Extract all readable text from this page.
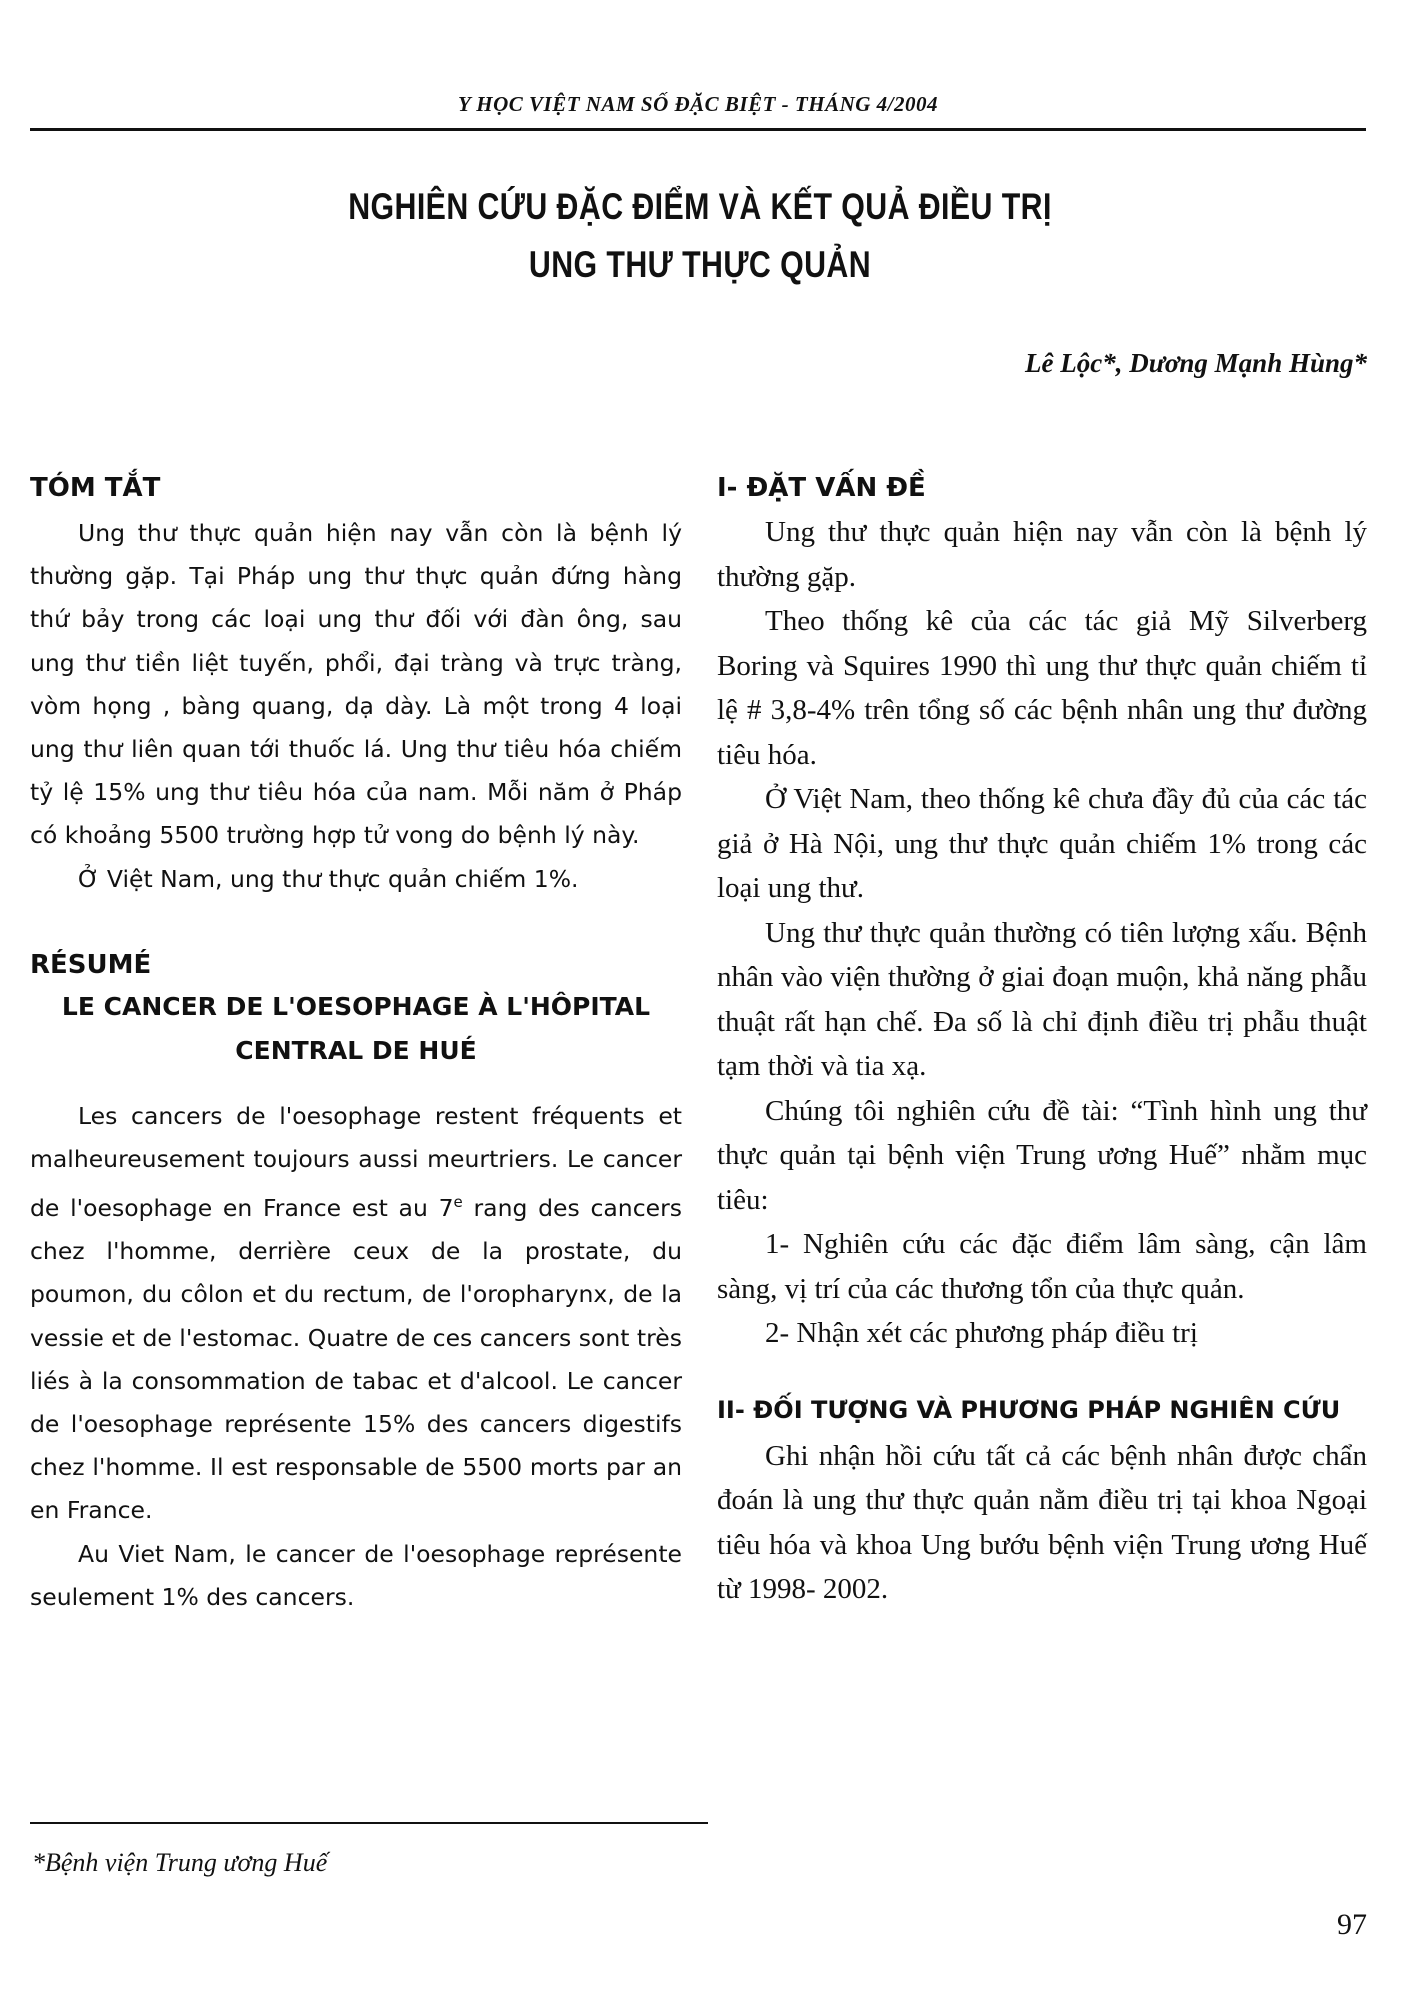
Y HỌC VIỆT NAM SỐ ĐẶC BIỆT - THÁNG 4/2004
NGHIÊN CỨU ĐẶC ĐIỂM VÀ KẾT QUẢ ĐIỀU TRỊ
UNG THƯ THỰC QUẢN
Lê Lộc*, Dương Mạnh Hùng*
TÓM TẮT

Ung thư thực quản hiện nay vẫn còn là bệnh lý thường gặp. Tại Pháp ung thư thực quản đứng hàng thứ bảy trong các loại ung thư đối với đàn ông, sau ung thư tiền liệt tuyến, phổi, đại tràng và trực tràng, vòm họng , bàng quang, dạ dày. Là một trong 4 loại ung thư liên quan tới thuốc lá. Ung thư tiêu hóa chiếm tỷ lệ 15% ung thư tiêu hóa của nam. Mỗi năm ở Pháp có khoảng 5500 trường hợp tử vong do bệnh lý này.

Ở Việt Nam, ung thư thực quản chiếm 1%.

RÉSUMÉ

LE CANCER DE L'OESOPHAGE À L'HÔPITAL

CENTRAL DE HUÉ

Les cancers de l'oesophage restent fréquents et malheureusement toujours aussi meurtriers. Le cancer de l'oesophage en France est au 7e rang des cancers chez l'homme, derrière ceux de la prostate, du poumon, du côlon et du rectum, de l'oropharynx, de la vessie et de l'estomac. Quatre de ces cancers sont très liés à la consommation de tabac et d'alcool. Le cancer de l'oesophage représente 15% des cancers digestifs chez l'homme. Il est responsable de 5500 morts par an en France.

Au Viet Nam, le cancer de l'oesophage représente seulement 1% des cancers.

I- ĐẶT VẤN ĐỀ

Ung thư thực quản hiện nay vẫn còn là bệnh lý thường gặp.

Theo thống kê của các tác giả Mỹ Silverberg Boring và Squires 1990 thì ung thư thực quản chiếm tỉ lệ # 3,8-4% trên tổng số các bệnh nhân ung thư đường tiêu hóa.

Ở Việt Nam, theo thống kê chưa đầy đủ của các tác giả ở Hà Nội, ung thư thực quản chiếm 1% trong các loại ung thư.

Ung thư thực quản thường có tiên lượng xấu. Bệnh nhân vào viện thường ở giai đoạn muộn, khả năng phẫu thuật rất hạn chế. Đa số là chỉ định điều trị phẫu thuật tạm thời và tia xạ.

Chúng tôi nghiên cứu đề tài: “Tình hình ung thư thực quản tại bệnh viện Trung ương Huế” nhằm mục tiêu:

1- Nghiên cứu các đặc điểm lâm sàng, cận lâm sàng, vị trí của các thương tổn của thực quản.

2- Nhận xét các phương pháp điều trị

II- ĐỐI TƯỢNG VÀ PHƯƠNG PHÁP NGHIÊN CỨU

Ghi nhận hồi cứu tất cả các bệnh nhân được chẩn đoán là ung thư thực quản nằm điều trị tại khoa Ngoại tiêu hóa và khoa Ung bướu bệnh viện Trung ương Huế từ 1998- 2002.

*Bệnh viện Trung ương Huế
97
